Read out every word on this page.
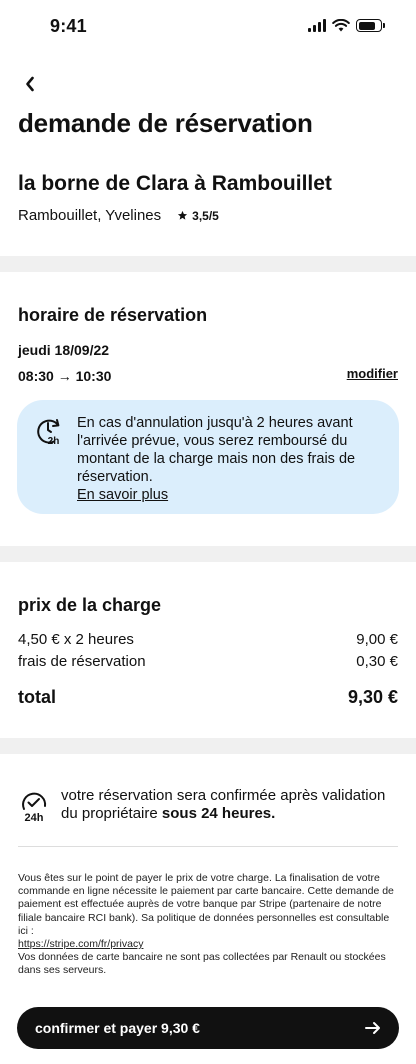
9:41
demande de réservation
la borne de Clara à Rambouillet
Rambouillet, Yvelines	3,5/5
horaire de réservation
jeudi 18/09/22
08:30 → 10:30	modifier
2h
En cas d'annulation jusqu'à 2 heures avant l'arrivée prévue, vous serez remboursé du montant de la charge mais non des frais de réservation.
En savoir plus
prix de la charge
4,50 € x 2 heures	9,00 €
frais de réservation	0,30 €
total	9,30 €
24h
votre réservation sera confirmée après validation du propriétaire sous 24 heures.
Vous êtes sur le point de payer le prix de votre charge. La finalisation de votre commande en ligne nécessite le paiement par carte bancaire. Cette demande de paiement est effectuée auprès de votre banque par Stripe (partenaire de notre filiale bancaire RCI bank). Sa politique de données personnelles est consultable ici :
https://stripe.com/fr/privacy
Vos données de carte bancaire ne sont pas collectées par Renault ou stockées dans ses serveurs.
confirmer et payer 9,30 €
